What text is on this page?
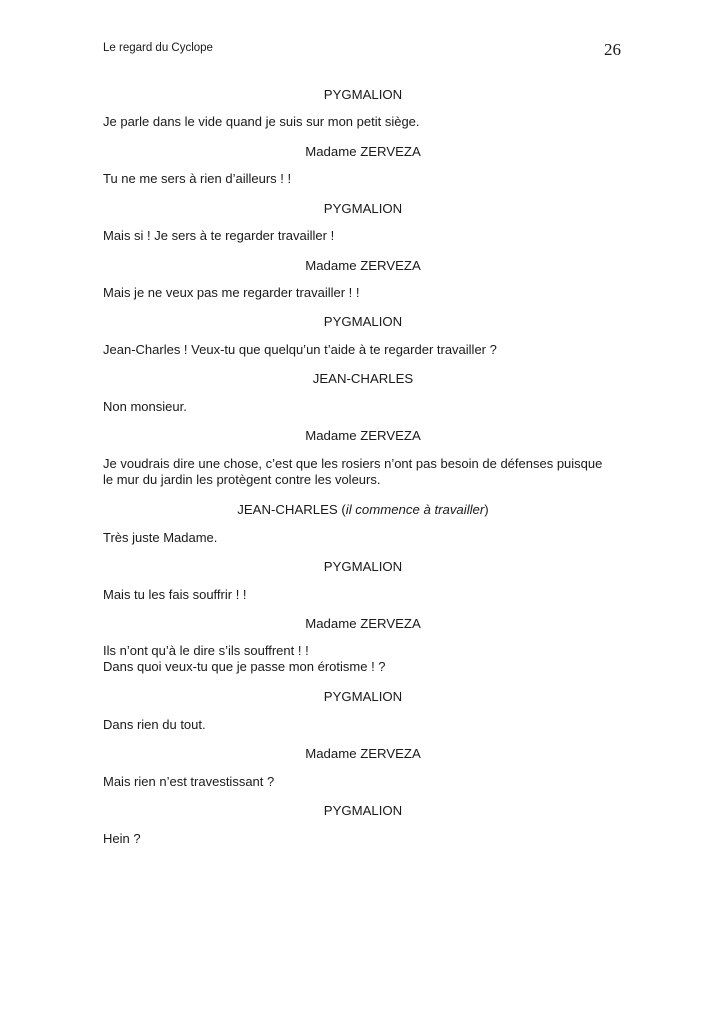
Le regard du Cyclope	26
PYGMALION
Je parle dans le vide quand je suis sur mon petit siège.
Madame ZERVEZA
Tu ne me sers à rien d’ailleurs ! !
PYGMALION
Mais si ! Je sers à te regarder travailler !
Madame ZERVEZA
Mais je ne veux pas me regarder travailler ! !
PYGMALION
Jean-Charles ! Veux-tu que quelqu’un t’aide à te regarder travailler ?
JEAN-CHARLES
Non monsieur.
Madame ZERVEZA
Je voudrais dire une chose, c’est que les rosiers n’ont pas besoin de défenses puisque
le mur du jardin les protègent contre les voleurs.
JEAN-CHARLES (il commence à travailler)
Très juste Madame.
PYGMALION
Mais tu les fais souffrir ! !
Madame ZERVEZA
Ils n’ont qu’à le dire s’ils souffrent ! !
Dans quoi veux-tu que je passe mon érotisme ! ?
PYGMALION
Dans rien du tout.
Madame ZERVEZA
Mais rien n’est travestissant ?
PYGMALION
Hein ?
